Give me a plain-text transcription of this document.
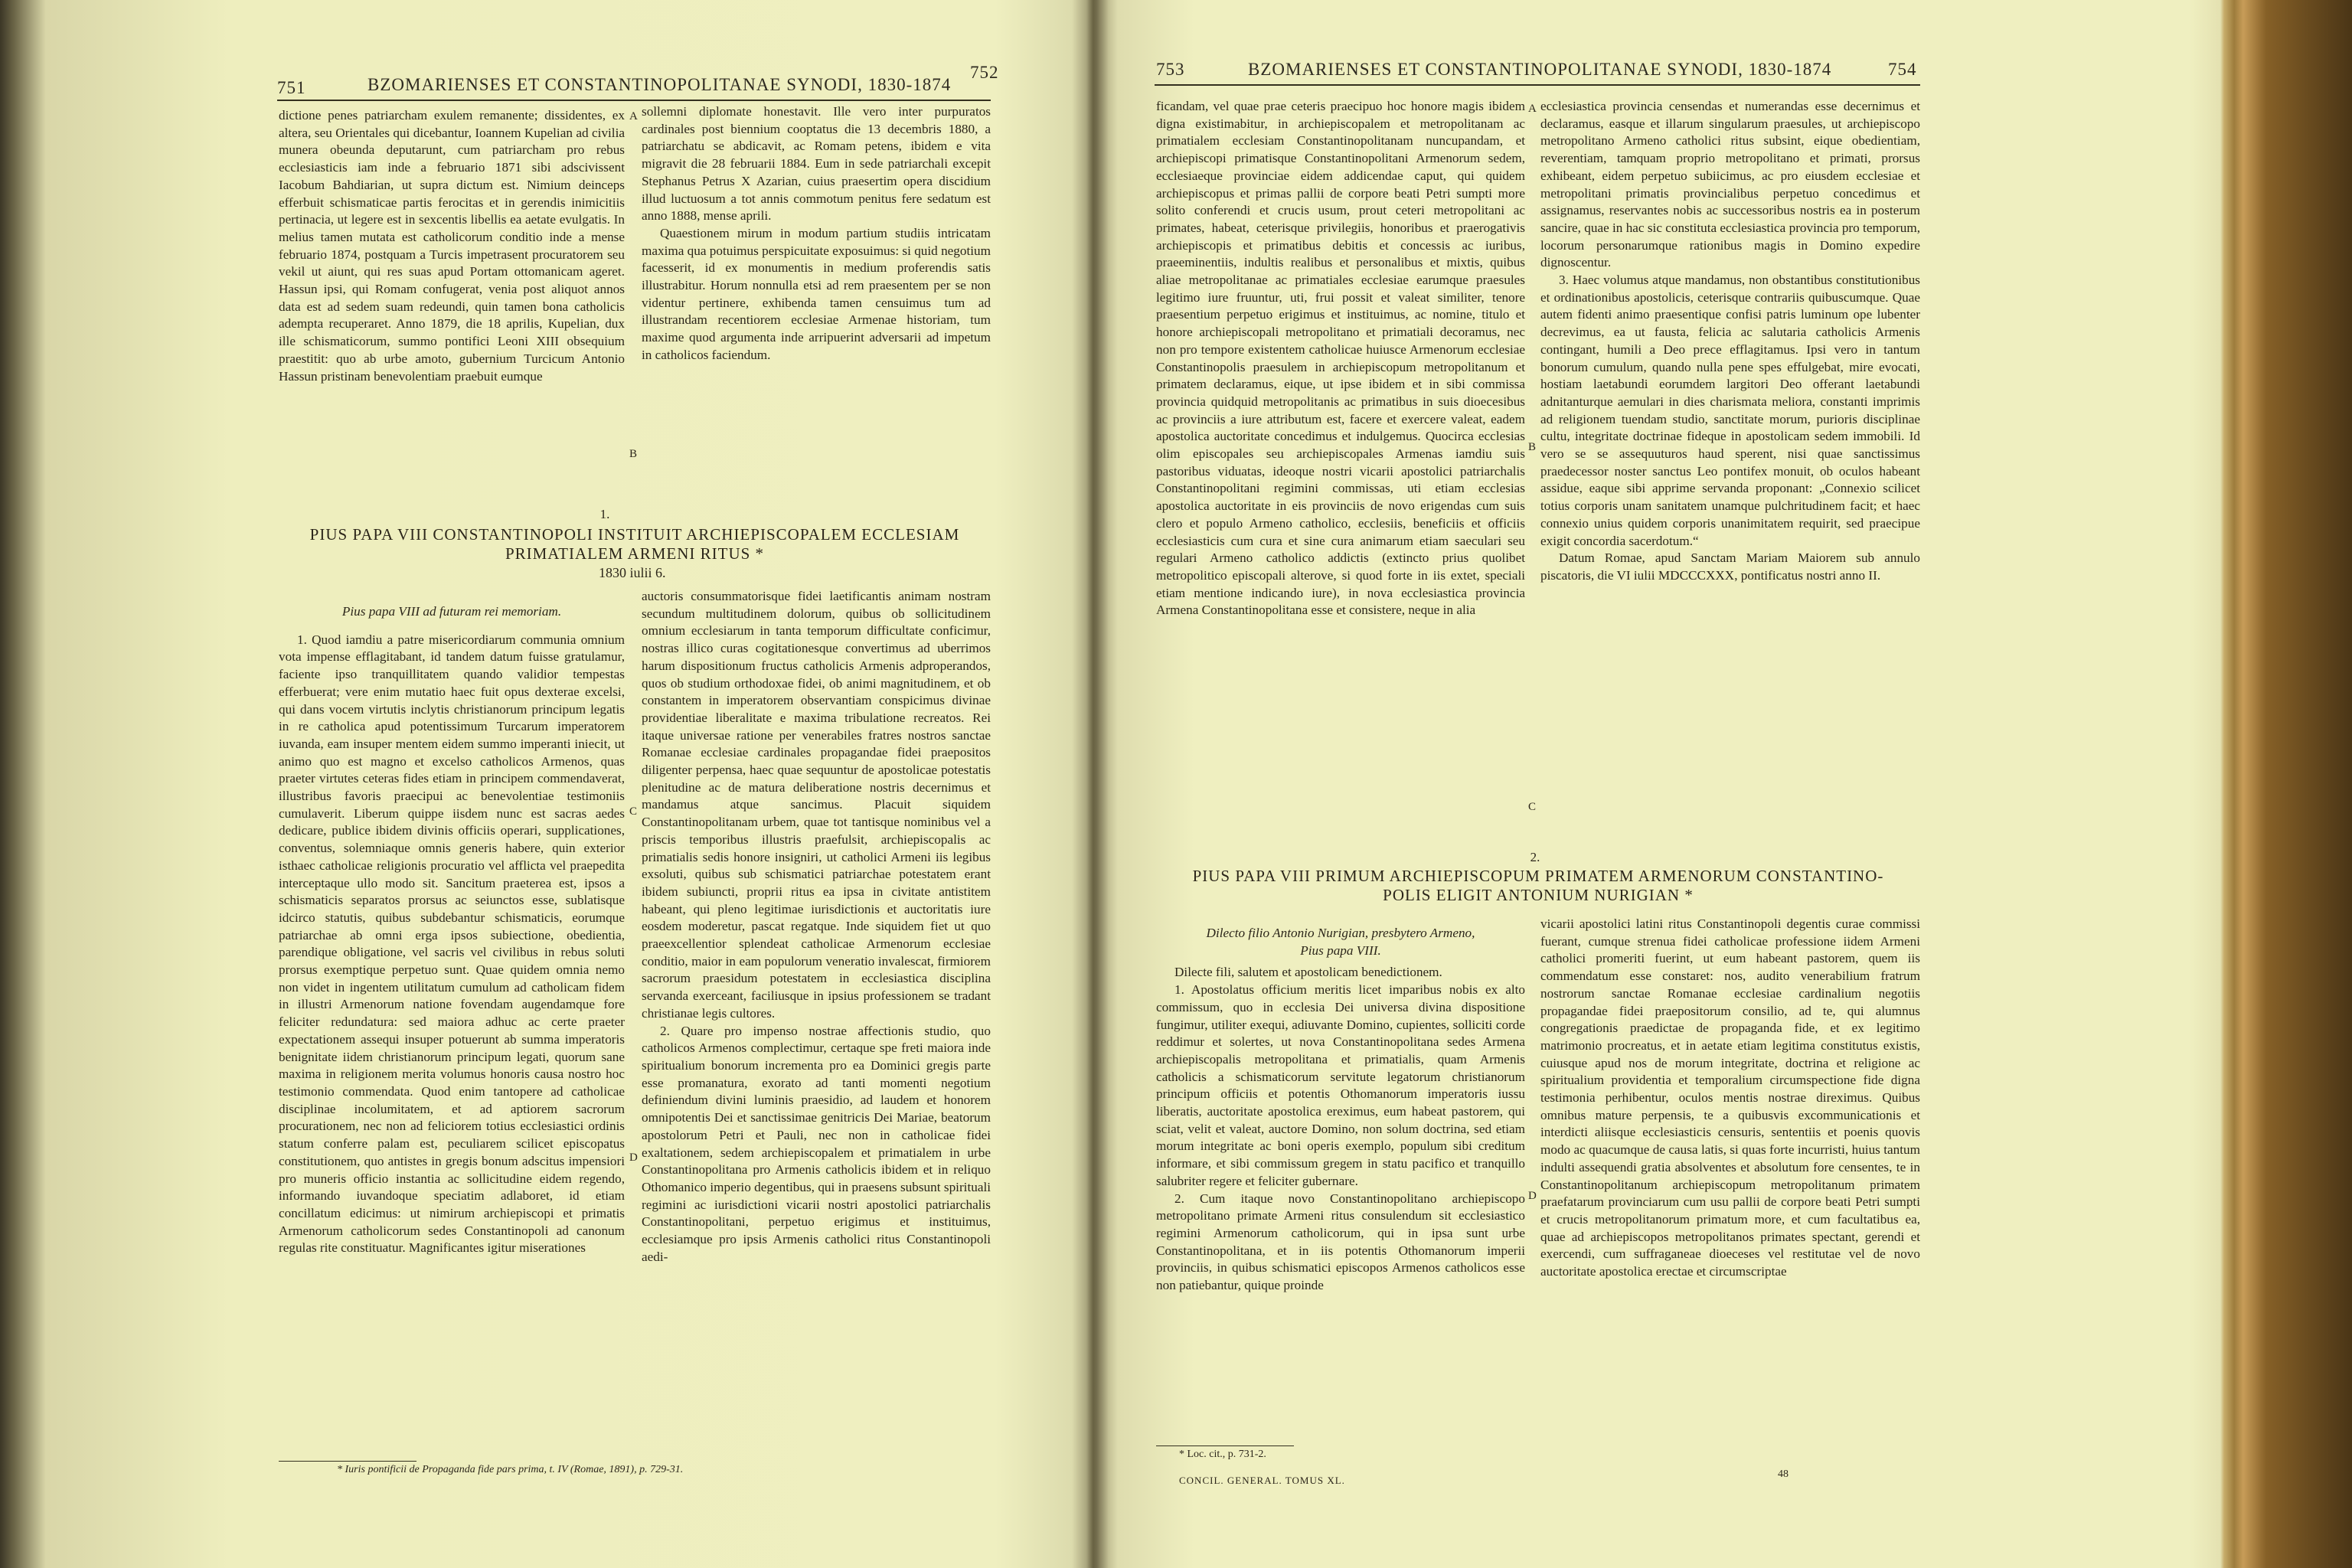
751	BZOMARIENSES ET CONSTANTINOPOLITANAE SYNODI, 1830-1874
752

dictione penes patriarcham exulem remanente; dissidentes, ex altera, seu Orientales qui dicebantur, Ioannem Kupelian ad civilia munera obeunda deputarunt, cum patriarcham pro rebus ecclesiasticis iam inde a februario 1871 sibi adscivissent Iacobum Bahdiarian, ut supra dictum est. Nimium deinceps efferbuit schismaticae partis ferocitas et in gerendis inimicitiis pertinacia, ut legere est in sexcentis libellis ea aetate evulgatis. In melius tamen mutata est catholicorum conditio inde a mense februario 1874, postquam a Turcis impetrasent procuratorem seu vekil ut aiunt, qui res suas apud Portam ottomanicam ageret. Hassun ipsi, qui Romam confugerat, venia post aliquot annos data est ad sedem suam redeundi, quin tamen bona catholicis adempta recuperaret. Anno 1879, die 18 aprilis, Kupelian, dux ille schismaticorum, summo pontifici Leoni XIII obsequium praestitit: quo ab urbe amoto, gubernium Turcicum Antonio Hassun pristinam benevolentiam praebuit eumque

A sollemni diplomate honestavit. Ille vero inter purpuratos cardinales post biennium cooptatus die 13 decembris 1880, a patriarchatu se abdicavit, ac Romam petens, ibidem e vita migravit die 28 februarii 1884. Eum in sede patriarchali excepit Stephanus Petrus X Azarian, cuius praesertim opera discidium illud luctuosum a tot annis commotum penitus fere sedatum est anno 1888, mense aprili.

Quaestionem mirum in modum partium studiis intricatam maxima qua potuimus perspicuitate exposuimus: si quid negotium facesserit, id ex monumentis in medium proferendis satis illustrabitur. Horum nonnulla etsi ad rem praesentem per se non videntur pertinere, exhibenda tamen censuimus tum ad illustrandam recentiorem ecclesiae Armenae historiam, tum maxime quod argumenta inde arripuerint adversarii ad impetum in catholicos faciendum.

B
1.
PIUS PAPA VIII CONSTANTINOPOLI INSTITUIT ARCHIEPISCOPALEM ECCLESIAM
PRIMATIALEM ARMENI RITUS *
1830 iulii 6.

Pius papa VIII ad futuram rei memoriam.

1. Quod iamdiu a patre misericordiarum communia omnium vota impense efflagitabant, id tandem datum fuisse gratulamur, faciente ipso tranquillitatem quando validior tempestas efferbuerat; vere enim mutatio haec fuit opus dexterae excelsi, qui dans vocem virtutis inclytis christianorum principum legatis in re catholica apud potentissimum Turcarum imperatorem iuvanda, eam insuper mentem eidem summo imperanti iniecit, ut animo quo est magno et excelso catholicos Armenos, quas praeter virtutes ceteras fides etiam in principem commendaverat, illustribus favoris praecipui ac benevolentiae testimoniis cumulaverit. Liberum quippe iisdem nunc est sacras aedes dedicare, publice ibidem divinis officiis operari, supplicationes, conventus, solemniaque omnis generis habere, quin exterior isthaec catholicae religionis procuratio vel afflicta vel praepedita interceptaque ullo modo sit. Sancitum praeterea est, ipsos a schismaticis separatos prorsus ac seiunctos esse, sublatisque idcirco statutis, quibus subdebantur schismaticis, eorumque patriarchae ab omni erga ipsos subiectione, obedientia, parendique obligatione, vel sacris vel civilibus in rebus soluti prorsus exemptique perpetuo sunt. Quae quidem omnia nemo non videt in ingentem utilitatum cumulum ad catholicam fidem in illustri Armenorum natione fovendam augendamque fore feliciter redundatura: sed maiora adhuc ac certe praeter expectationem assequi insuper potuerunt ab summa imperatoris benignitate iidem christianorum principum legati, quorum sane maxima in religionem merita volumus honoris causa nostro hoc testimonio commendata. Quod enim tantopere ad catholicae disciplinae incolumitatem, et ad aptiorem sacrorum procurationem, nec non ad feliciorem totius ecclesiastici ordinis statum conferre palam est, peculiarem scilicet episcopatus constitutionem, quo antistes in gregis bonum adscitus impensiori pro muneris officio instantia ac sollicitudine eidem regendo, informando iuvandoque speciatim adlaboret, id etiam concillatum edicimus: ut nimirum archiepiscopi et primatis Armenorum catholicorum sedes Constantinopoli ad canonum regulas rite constituatur. Magnificantes igitur miserationes

C
D

auctoris consummatorisque fidei laetificantis animam nostram secundum multitudinem dolorum, quibus ob sollicitudinem omnium ecclesiarum in tanta temporum difficultate conficimur, nostras illico curas cogitationesque convertimus ad uberrimos harum dispositionum fructus catholicis Armenis adproperandos, quos ob studium orthodoxae fidei, ob animi magnitudinem, et ob constantem in imperatorem observantiam conspicimus divinae providentiae liberalitate e maxima tribulatione recreatos. Rei itaque universae ratione per venerabiles fratres nostros sanctae Romanae ecclesiae cardinales propagandae fidei praepositos diligenter perpensa, haec quae sequuntur de apostolicae potestatis plenitudine ac de matura deliberatione nostris decernimus et mandamus atque sancimus. Placuit siquidem Constantinopolitanam urbem, quae tot tantisque nominibus vel a priscis temporibus illustris praefulsit, archiepiscopalis ac primatialis sedis honore insigniri, ut catholici Armeni iis legibus exsoluti, quibus sub schismatici patriarchae potestatem erant ibidem subiuncti, proprii ritus ea ipsa in civitate antistitem habeant, qui pleno legitimae iurisdictionis et auctoritatis iure eosdem moderetur, pascat regatque. Inde siquidem fiet ut quo praeexcellentior splendeat catholicae Armenorum ecclesiae conditio, maior in eam populorum veneratio invalescat, firmiorem sacrorum praesidum potestatem in ecclesiastica disciplina servanda exerceant, faciliusque in ipsius professionem se tradant christianae legis cultores.

2. Quare pro impenso nostrae affectionis studio, quo catholicos Armenos complectimur, certaque spe freti maiora inde spiritualium bonorum incrementa pro ea Dominici gregis parte esse promanatura, exorato ad tanti momenti negotium definiendum divini luminis praesidio, ad laudem et honorem omnipotentis Dei et sanctissimae genitricis Dei Mariae, beatorum apostolorum Petri et Pauli, nec non in catholicae fidei exaltationem, sedem archiepiscopalem et primatialem in urbe Constantinopolitana pro Armenis catholicis ibidem et in reliquo Othomanico imperio degentibus, qui in praesens subsunt spirituali regimini ac iurisdictioni vicarii nostri apostolici patriarchalis Constantinopolitani, perpetuo erigimus et instituimus, ecclesiamque pro ipsis Armenis catholici ritus Constantinopoli aedi-

* Iuris pontificii de Propaganda fide pars prima, t. IV (Romae, 1891), p. 729-31.
753	BZOMARIENSES ET CONSTANTINOPOLITANAE SYNODI, 1830-1874	754

ficandam, vel quae prae ceteris praecipuo hoc honore magis ibidem digna existimabitur, in archiepiscopalem et metropolitanam ac primatialem ecclesiam Constantinopolitanam nuncupandam, et archiepiscopi primatisque Constantinopolitani Armenorum sedem, ecclesiaeque provinciae eidem addicendae caput, qui quidem archiepiscopus et primas pallii de corpore beati Petri sumpti more solito conferendi et crucis usum, prout ceteri metropolitani ac primates, habeat, ceterisque privilegiis, honoribus et praerogativis archiepiscopis et primatibus debitis et concessis ac iuribus, praeeminentiis, indultis realibus et personalibus et mixtis, quibus aliae metropolitanae ac primatiales ecclesiae earumque praesules legitimo iure fruuntur, uti, frui possit et valeat similiter, tenore praesentium perpetuo erigimus et instituimus, ac nomine, titulo et honore archiepiscopali metropolitano et primatiali decoramus, nec non pro tempore existentem catholicae huiusce Armenorum ecclesiae Constantinopolis praesulem in archiepiscopum metropolitanum et primatem declaramus, eique, ut ipse ibidem et in sibi commissa provincia quidquid metropolitanis ac primatibus in suis dioecesibus ac provinciis a iure attributum est, facere et exercere valeat, eadem apostolica auctoritate concedimus et indulgemus. Quocirca ecclesias olim episcopales seu archiepiscopales Armenas iamdiu suis pastoribus viduatas, ideoque nostri vicarii apostolici patriarchalis Constantinopolitani regimini commissas, uti etiam ecclesias apostolica auctoritate in eis provinciis de novo erigendas cum suis clero et populo Armeno catholico, ecclesiis, beneficiis et officiis ecclesiasticis cum cura et sine cura animarum etiam saeculari seu regulari Armeno catholico addictis (extincto prius quolibet metropolitico episcopali alterove, si quod forte in iis extet, speciali etiam mentione indicando iure), in nova ecclesiastica provincia Armena Constantinopolitana esse et consistere, neque in alia

A
B
C

ecclesiastica provincia censendas et numerandas esse decernimus et declaramus, easque et illarum singularum praesules, ut archiepiscopo metropolitano Armeno catholici ritus subsint, eique obedientiam, reverentiam, tamquam proprio metropolitano et primati, prorsus exhibeant, eidem perpetuo subiicimus, ac pro eiusdem ecclesiae et metropolitani primatis provincialibus perpetuo concedimus et assignamus, reservantes nobis ac successoribus nostris ea in posterum sancire, quae in hac sic constituta ecclesiastica provincia pro temporum, locorum personarumque rationibus magis in Domino expedire dignoscentur.

3. Haec volumus atque mandamus, non obstantibus constitutionibus et ordinationibus apostolicis, ceterisque contrariis quibuscumque. Quae autem fidenti animo praesentique confisi patris luminum ope lubenter decrevimus, ea ut fausta, felicia ac salutaria catholicis Armenis contingant, humili a Deo prece efflagitamus. Ipsi vero in tantum bonorum cumulum, quando nulla pene spes effulgebat, mire evocati, hostiam laetabundi eorumdem largitori Deo offerant laetabundi adnitanturque aemulari in dies charismata meliora, constanti imprimis ad religionem tuendam studio, sanctitate morum, purioris disciplinae cultu, integritate doctrinae fideque in apostolicam sedem immobili. Id vero se se assequuturos haud sperent, nisi quae sanctissimus praedecessor noster sanctus Leo pontifex monuit, ob oculos habeant assidue, eaque sibi apprime servanda proponant: „Connexio scilicet totius corporis unam sanitatem unamque pulchritudinem facit; et haec connexio unius quidem corporis unanimitatem requirit, sed praecipue exigit concordia sacerdotum.“

Datum Romae, apud Sanctam Mariam Maiorem sub annulo piscatoris, die VI iulii MDCCCXXX, pontificatus nostri anno II.

2.
PIUS PAPA VIII PRIMUM ARCHIEPISCOPUM PRIMATEM ARMENORUM CONSTANTINO-
POLIS ELIGIT ANTONIUM NURIGIAN *

Dilecto filio Antonio Nurigian, presbytero Armeno,

Pius papa VIII.

Dilecte fili, salutem et apostolicam benedictionem.

1. Apostolatus officium meritis licet imparibus nobis ex alto commissum, quo in ecclesia Dei universa divina dispositione fungimur, utiliter exequi, adiuvante Domino, cupientes, solliciti corde reddimur et solertes, ut nova Constantinopolitana sedes Armena archiepiscopalis metropolitana et primatialis, quam Armenis catholicis a schismaticorum servitute legatorum christianorum principum officiis et potentis Othomanorum imperatoris iussu liberatis, auctoritate apostolica ereximus, eum habeat pastorem, qui sciat, velit et valeat, auctore Domino, non solum doctrina, sed etiam morum integritate ac boni operis exemplo, populum sibi creditum informare, et sibi commissum gregem in statu pacifico et tranquillo salubriter regere et feliciter gubernare.

2. Cum itaque novo Constantinopolitano archiepiscopo metropolitano primate Armeni ritus consulendum sit ecclesiastico regimini Armenorum catholicorum, qui in ipsa sunt urbe Constantinopolitana, et in iis potentis Othomanorum imperii provinciis, in quibus schismatici episcopos Armenos catholicos esse non patiebantur, quique proinde

D

vicarii apostolici latini ritus Constantinopoli degentis curae commissi fuerant, cumque strenua fidei catholicae professione iidem Armeni catholici promeriti fuerint, ut eum habeant pastorem, quem iis commendatum esse constaret: nos, audito venerabilium fratrum nostrorum sanctae Romanae ecclesiae cardinalium negotiis propagandae fidei praepositorum consilio, ad te, qui alumnus congregationis praedictae de propaganda fide, et ex legitimo matrimonio procreatus, et in aetate etiam legitima constitutus existis, cuiusque apud nos de morum integritate, doctrina et religione ac spiritualium providentia et temporalium circumspectione fide digna testimonia perhibentur, oculos mentis nostrae direximus. Quibus omnibus mature perpensis, te a quibusvis excommunicationis et interdicti aliisque ecclesiasticis censuris, sententiis et poenis quovis modo ac quacumque de causa latis, si quas forte incurristi, huius tantum indulti assequendi gratia absolventes et absolutum fore censentes, te in Constantinopolitanum archiepiscopum metropolitanum primatem praefatarum provinciarum cum usu pallii de corpore beati Petri sumpti et crucis metropolitanorum primatum more, et cum facultatibus ea, quae ad archiepiscopos metropolitanos primates spectant, gerendi et exercendi, cum suffraganeae dioeceses vel restitutae vel de novo auctoritate apostolica erectae et circumscriptae

* Loc. cit., p. 731-2.
CONCIL. GENERAL. TOMUS XL.
48
